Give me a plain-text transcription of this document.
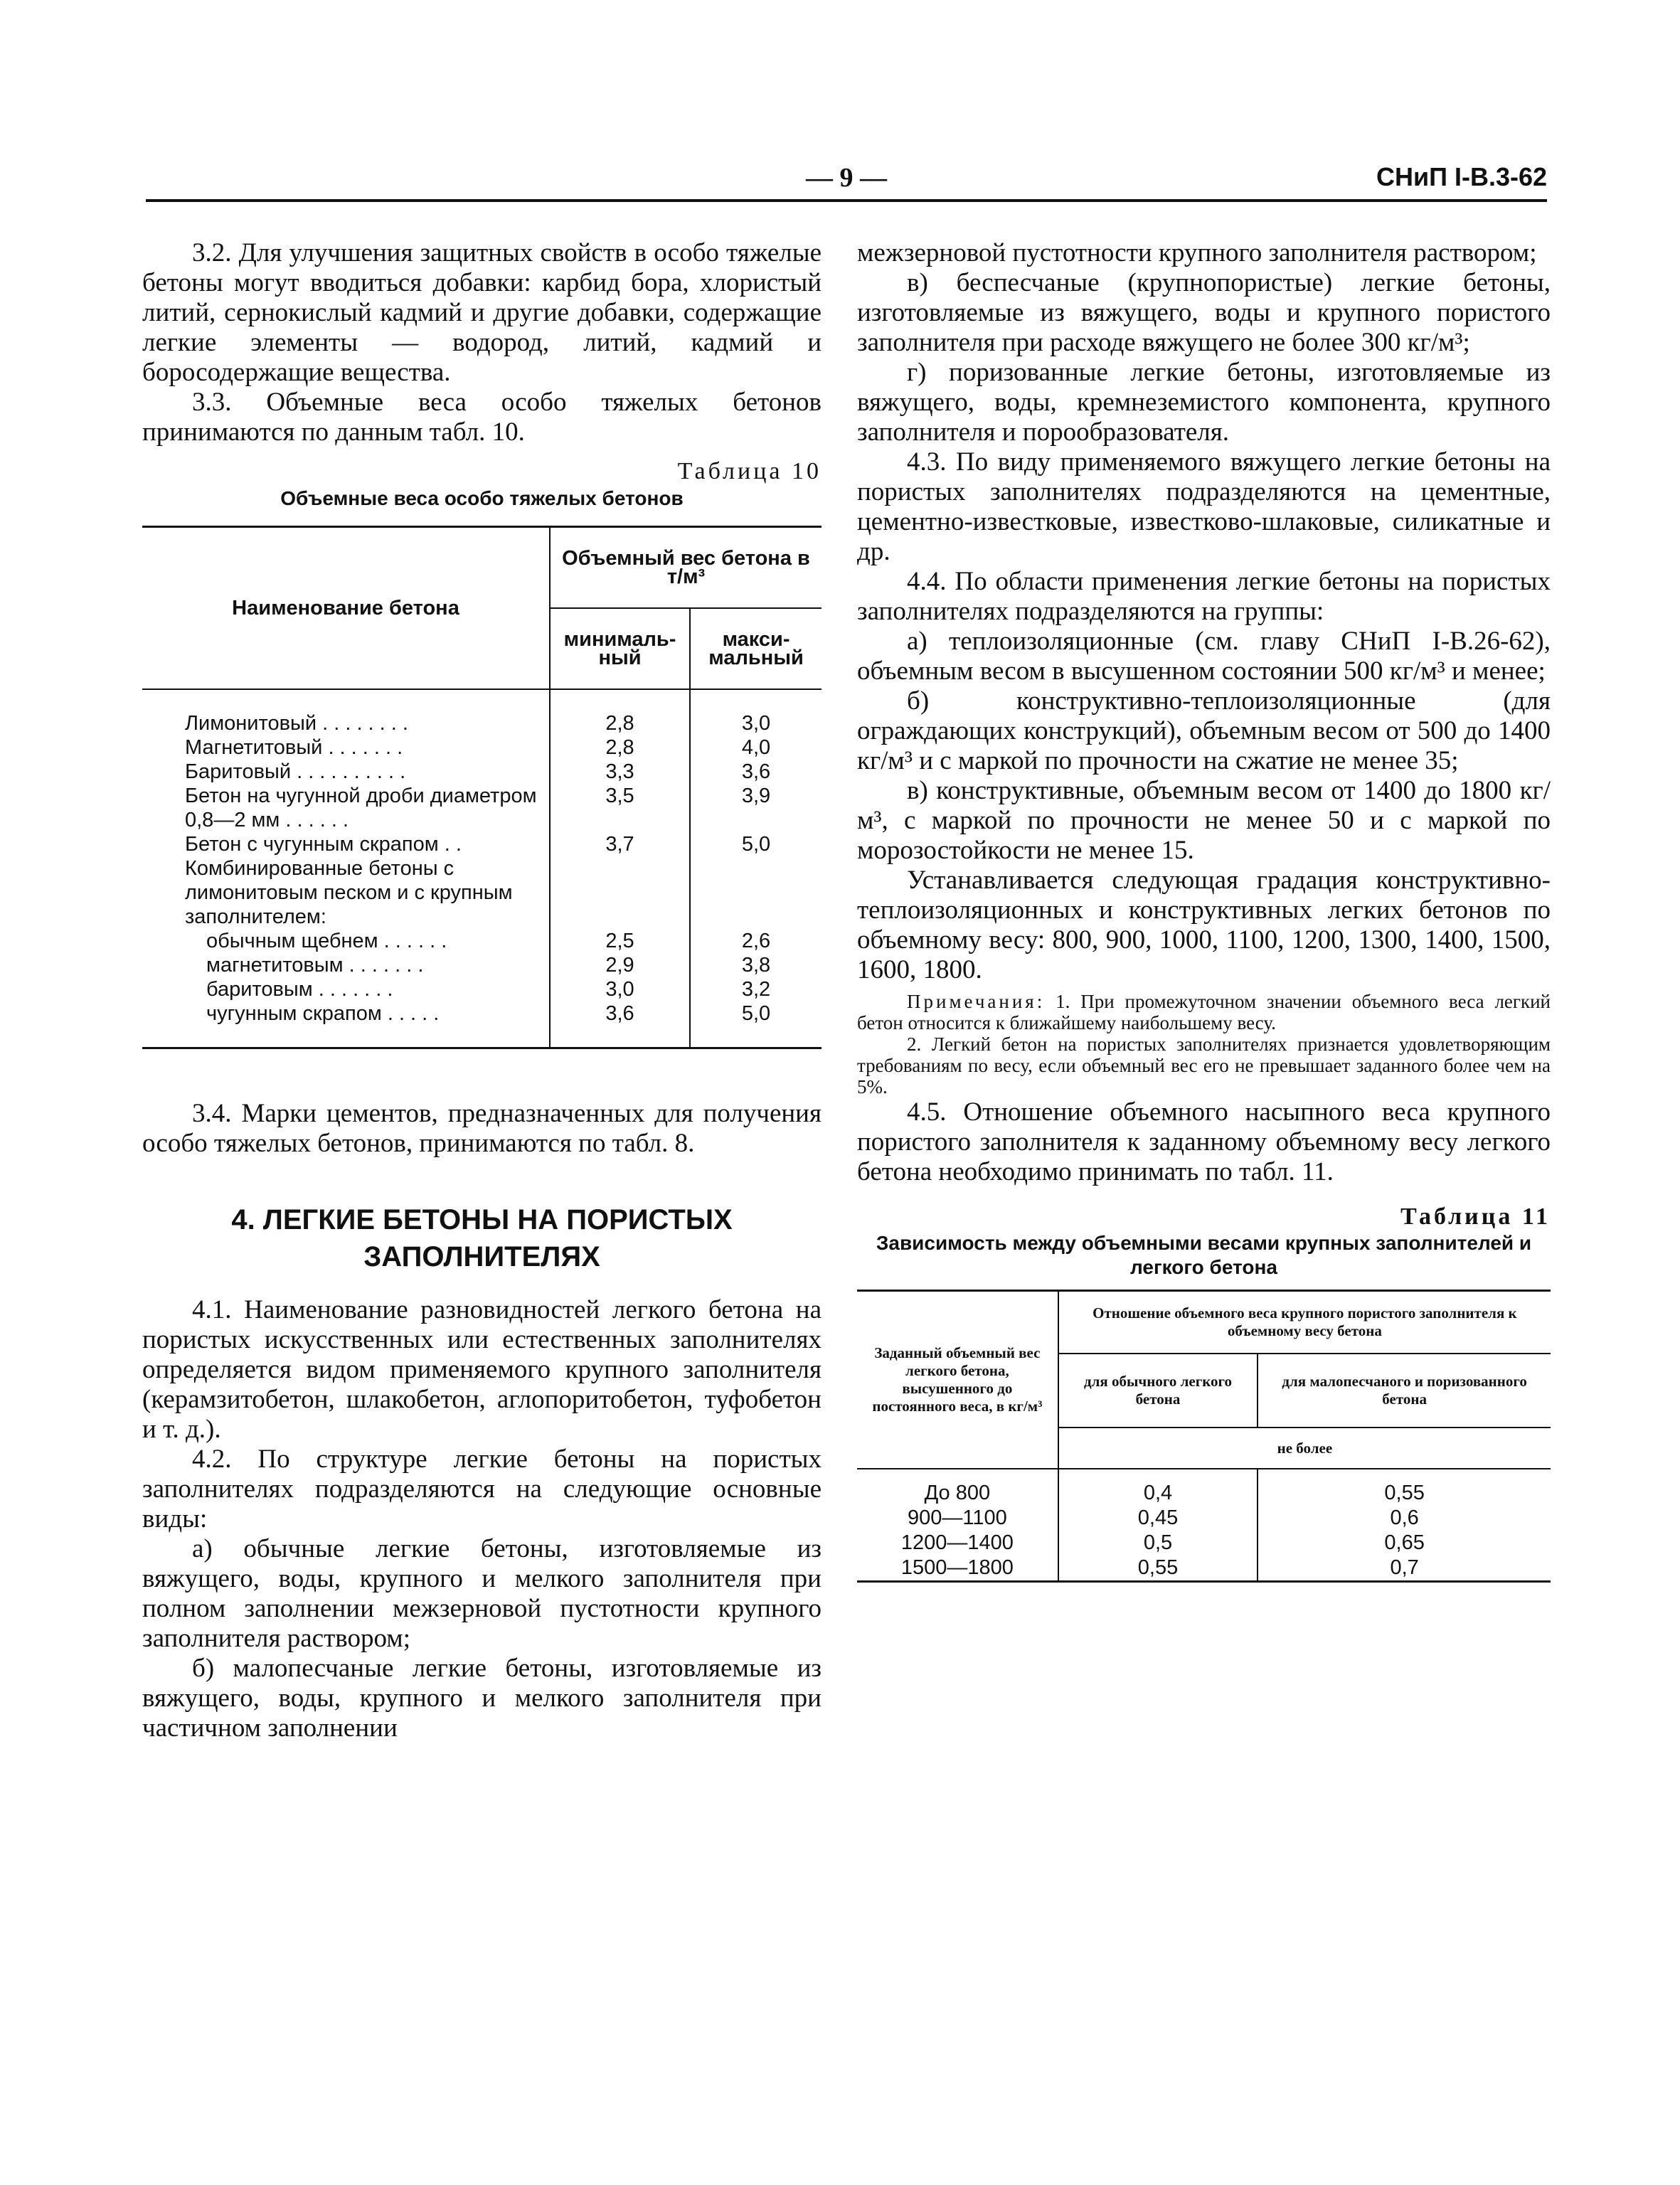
— 9 —	СНиП I-В.3-62

3.2. Для улучшения защитных свойств в особо тяжелые бетоны могут вводиться добавки: карбид бора, хлористый литий, сернокислый кадмий и другие добавки, содержащие легкие элементы — водород, литий, кадмий и боросодержащие вещества.

3.3. Объемные веса особо тяжелых бетонов принимаются по данным табл. 10.

Таблица 10
Объемные веса особо тяжелых бетонов
Наименование бетона	Объемный вес бетона в т/м³	
	минималь- ный	макси- мальный

Лимонитовый . . . . . . . .	2,8	3,0
Магнетитовый . . . . . . .	2,8	4,0
Баритовый . . . . . . . . . .	3,3	3,6
Бетон на чугунной дроби диаметром 0,8—2 мм . . . . . .	3,5	3,9
Бетон с чугунным скрапом . .	3,7	5,0
Комбинированные бетоны с лимонитовым песком и с крупным заполнителем:		
обычным щебнем . . . . . .	2,5	2,6
магнетитовым . . . . . . .	2,9	3,8
баритовым . . . . . . .	3,0	3,2
чугунным скрапом . . . . .	3,6	5,0

3.4. Марки цементов, предназначенных для получения особо тяжелых бетонов, принимаются по табл. 8.

4. ЛЕГКИЕ БЕТОНЫ НА ПОРИСТЫХ ЗАПОЛНИТЕЛЯХ

4.1. Наименование разновидностей легкого бетона на пористых искусственных или естественных заполнителях определяется видом применяемого крупного заполнителя (керамзитобетон, шлакобетон, аглопоритобетон, туфобетон и т. д.).

4.2. По структуре легкие бетоны на пористых заполнителях подразделяются на следующие основные виды:

а) обычные легкие бетоны, изготовляемые из вяжущего, воды, крупного и мелкого заполнителя при полном заполнении межзерновой пустотности крупного заполнителя раствором;

б) малопесчаные легкие бетоны, изготовляемые из вяжущего, воды, крупного и мелкого заполнителя при частичном заполнении

межзерновой пустотности крупного заполнителя раствором;

в) беспесчаные (крупнопористые) легкие бетоны, изготовляемые из вяжущего, воды и крупного пористого заполнителя при расходе вяжущего не более 300 кг/м³;

г) поризованные легкие бетоны, изготовляемые из вяжущего, воды, кремнеземистого компонента, крупного заполнителя и порообразователя.

4.3. По виду применяемого вяжущего легкие бетоны на пористых заполнителях подразделяются на цементные, цементно-известковые, известково-шлаковые, силикатные и др.

4.4. По области применения легкие бетоны на пористых заполнителях подразделяются на группы:

а) теплоизоляционные (см. главу СНиП I-В.26-62), объемным весом в высушенном состоянии 500 кг/м³ и менее;

б) конструктивно-теплоизоляционные (для ограждающих конструкций), объемным весом от 500 до 1400 кг/м³ и с маркой по прочности на сжатие не менее 35;

в) конструктивные, объемным весом от 1400 до 1800 кг/м³, с маркой по прочности не менее 50 и с маркой по морозостойкости не менее 15.

Устанавливается следующая градация конструктивно-теплоизоляционных и конструктивных легких бетонов по объемному весу: 800, 900, 1000, 1100, 1200, 1300, 1400, 1500, 1600, 1800.

Примечания: 1. При промежуточном значении объемного веса легкий бетон относится к ближайшему наибольшему весу.

2. Легкий бетон на пористых заполнителях признается удовлетворяющим требованиям по весу, если объемный вес его не превышает заданного более чем на 5%.

4.5. Отношение объемного насыпного веса крупного пористого заполнителя к заданному объемному весу легкого бетона необходимо принимать по табл. 11.

Таблица 11
Зависимость между объемными весами крупных заполнителей и легкого бетона
Заданный объемный вес легкого бетона, высушенного до постоянного веса, в кг/м³	Отношение объемного веса крупного пористого заполнителя к объемному весу бетона	
	для обычного легкого бетона	для малопесчаного и поризованного бетона
	не более	

До 800	0,4	0,55
900—1100	0,45	0,6
1200—1400	0,5	0,65
1500—1800	0,55	0,7
